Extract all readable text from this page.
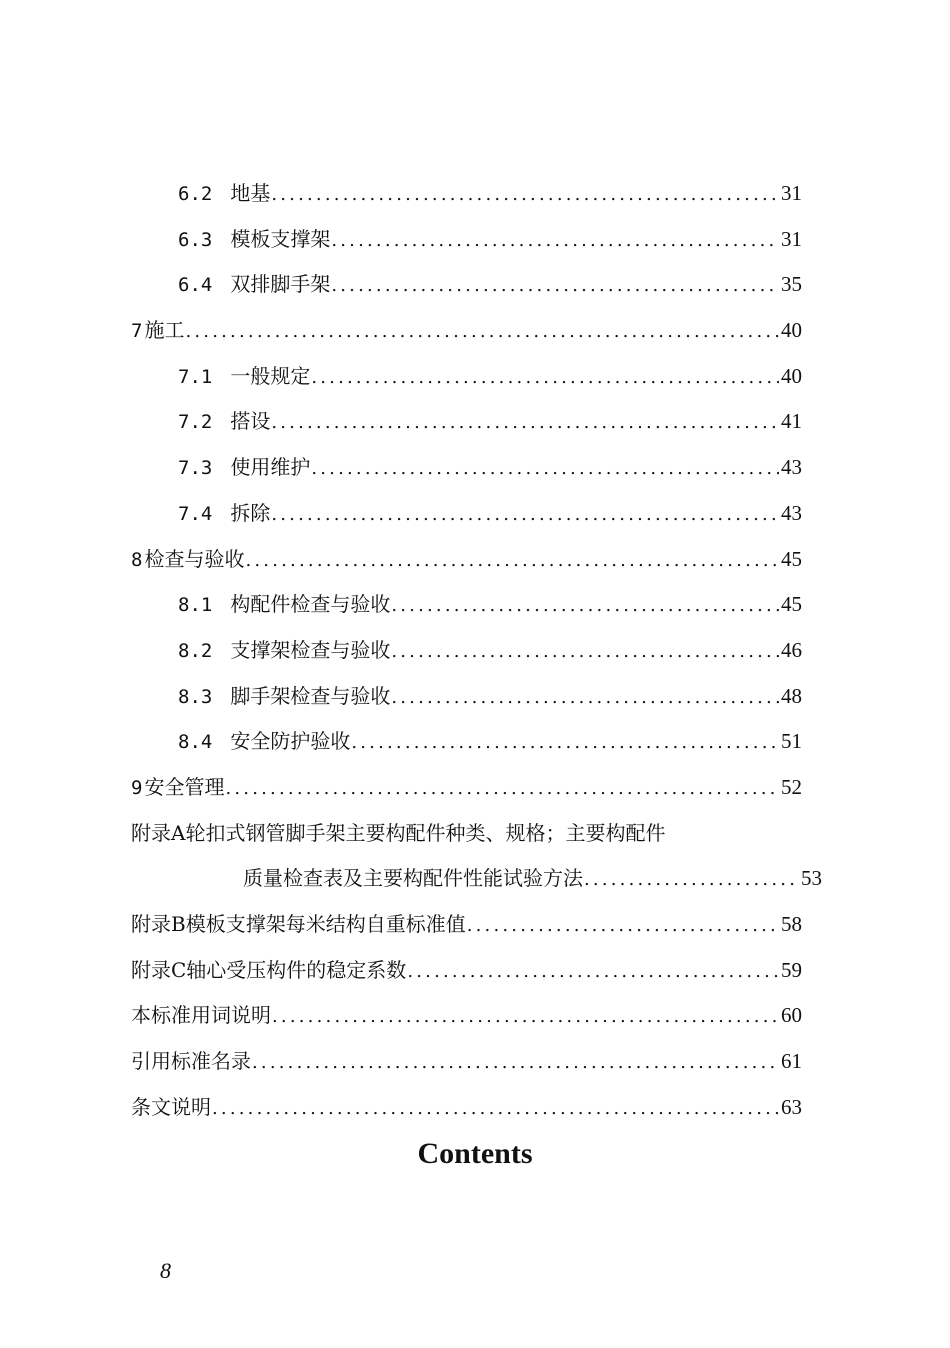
6.2 地基 .....	31
6.3 模板支撑架 .....	31
6.4 双排脚手架 .....	35
7 施工 .....	40
7.1 一般规定 .....	40
7.2 搭设 .....	41
7.3 使用维护 .....	43
7.4 拆除 .....	43
8 检查与验收 .....	45
8.1 构配件检查与验收 .....	45
8.2 支撑架检查与验收 .....	46
8.3 脚手架检查与验收 .....	48
8.4 安全防护验收 .....	51
9 安全管理 .....	52
附录A轮扣式钢管脚手架主要构配件种类、规格；主要构配件
质量检查表及主要构配件性能试验方法 .....	53
附录B模板支撑架每米结构自重标准值 .....	58
附录C轴心受压构件的稳定系数 .....	59
本标准用词说明 .....	60
引用标准名录 .....	61
条文说明 .....	63
Contents
8
